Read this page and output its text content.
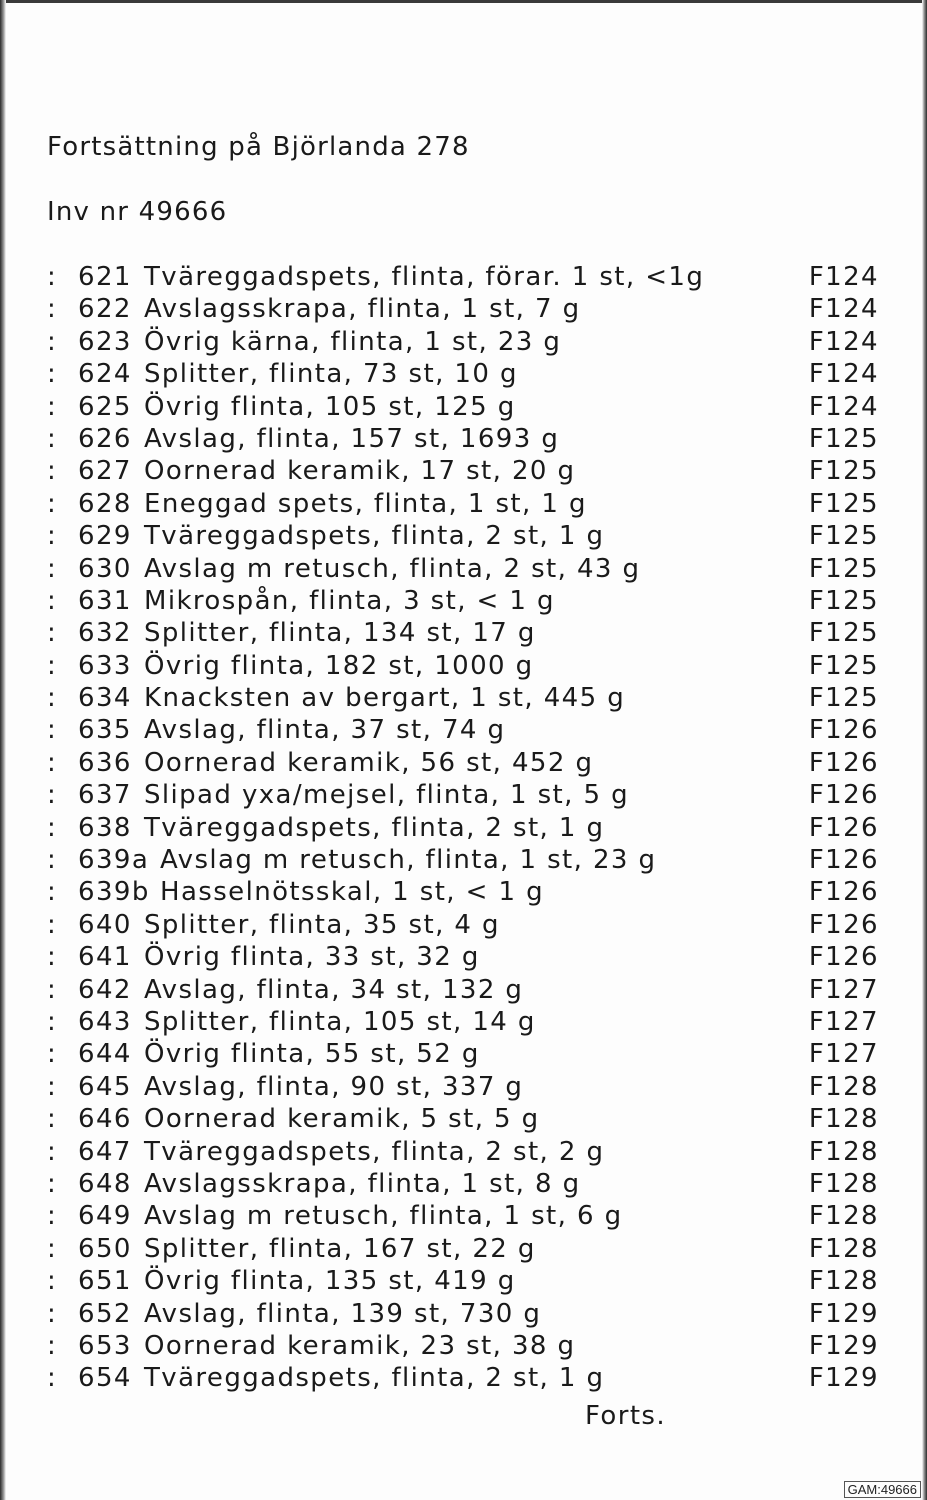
Fortsättning på Björlanda 278
Inv nr 49666
: 621 Tväreggadspets, flinta, förar. 1 st, <1g	F124
: 622 Avslagsskrapa, flinta, 1 st, 7 g	F124
: 623 Övrig kärna, flinta, 1 st, 23 g	F124
: 624 Splitter, flinta, 73 st, 10 g	F124
: 625 Övrig flinta, 105 st, 125 g	F124
: 626 Avslag, flinta, 157 st, 1693 g	F125
: 627 Oornerad keramik, 17 st, 20 g	F125
: 628 Eneggad spets, flinta, 1 st, 1 g	F125
: 629 Tväreggadspets, flinta, 2 st, 1 g	F125
: 630 Avslag m retusch, flinta, 2 st, 43 g	F125
: 631 Mikrospån, flinta, 3 st, < 1 g	F125
: 632 Splitter, flinta, 134 st, 17 g	F125
: 633 Övrig flinta, 182 st, 1000 g	F125
: 634 Knacksten av bergart, 1 st, 445 g	F125
: 635 Avslag, flinta, 37 st, 74 g	F126
: 636 Oornerad keramik, 56 st, 452 g	F126
: 637 Slipad yxa/mejsel, flinta, 1 st, 5 g	F126
: 638 Tväreggadspets, flinta, 2 st, 1 g	F126
: 639a Avslag m retusch, flinta, 1 st, 23 g	F126
: 639b Hasselnötsskal, 1 st, < 1 g	F126
: 640 Splitter, flinta, 35 st, 4 g	F126
: 641 Övrig flinta, 33 st, 32 g	F126
: 642 Avslag, flinta, 34 st, 132 g	F127
: 643 Splitter, flinta, 105 st, 14 g	F127
: 644 Övrig flinta, 55 st, 52 g	F127
: 645 Avslag, flinta, 90 st, 337 g	F128
: 646 Oornerad keramik, 5 st, 5 g	F128
: 647 Tväreggadspets, flinta, 2 st, 2 g	F128
: 648 Avslagsskrapa, flinta, 1 st, 8 g	F128
: 649 Avslag m retusch, flinta, 1 st, 6 g	F128
: 650 Splitter, flinta, 167 st, 22 g	F128
: 651 Övrig flinta, 135 st, 419 g	F128
: 652 Avslag, flinta, 139 st, 730 g	F129
: 653 Oornerad keramik, 23 st, 38 g	F129
: 654 Tväreggadspets, flinta, 2 st, 1 g	F129
Forts.
GAM:49666
